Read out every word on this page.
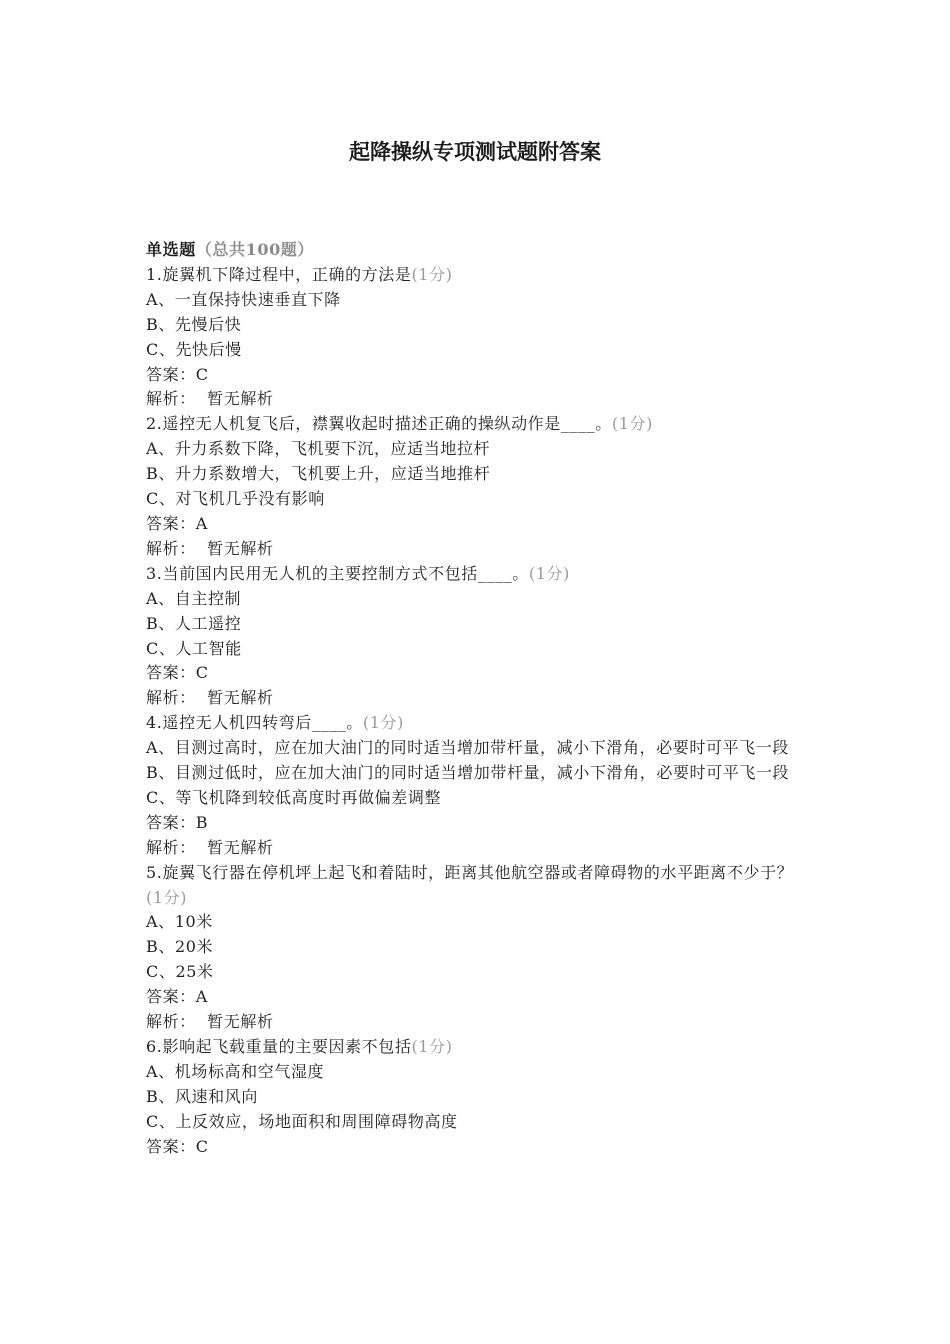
起降操纵专项测试题附答案
单选题（总共100题）
1.旋翼机下降过程中，正确的方法是(1分)
A、一直保持快速垂直下降
B、先慢后快
C、先快后慢
答案：C
解析：  暂无解析
2.遥控无人机复飞后，襟翼收起时描述正确的操纵动作是____。(1分)
A、升力系数下降，飞机要下沉，应适当地拉杆
B、升力系数增大，飞机要上升，应适当地推杆
C、对飞机几乎没有影响
答案：A
解析：  暂无解析
3.当前国内民用无人机的主要控制方式不包括____。(1分)
A、自主控制
B、人工遥控
C、人工智能
答案：C
解析：  暂无解析
4.遥控无人机四转弯后____。(1分)
A、目测过高时，应在加大油门的同时适当增加带杆量，减小下滑角，必要时可平飞一段
B、目测过低时，应在加大油门的同时适当增加带杆量，减小下滑角，必要时可平飞一段
C、等飞机降到较低高度时再做偏差调整
答案：B
解析：  暂无解析
5.旋翼飞行器在停机坪上起飞和着陆时，距离其他航空器或者障碍物的水平距离不少于？(1分)
A、10米
B、20米
C、25米
答案：A
解析：  暂无解析
6.影响起飞载重量的主要因素不包括(1分)
A、机场标高和空气湿度
B、风速和风向
C、上反效应，场地面积和周围障碍物高度
答案：C
